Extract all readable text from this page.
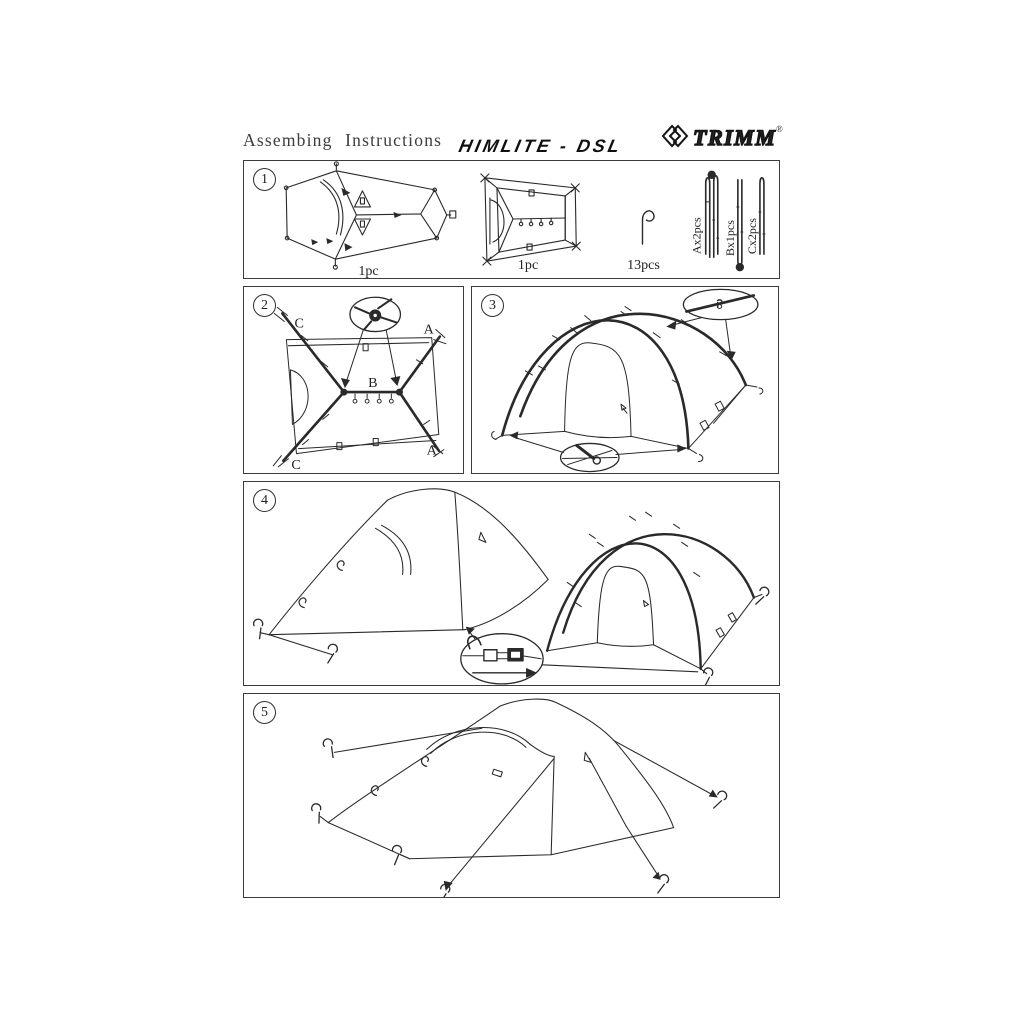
Assembing Instructions HIMLITE - DSL	TRIMM ®
1
1pc	1pc	13pcs
Ax2pcs Bx1pcs Cx2pcs
2
C	A
B
A
C
3
4
5
